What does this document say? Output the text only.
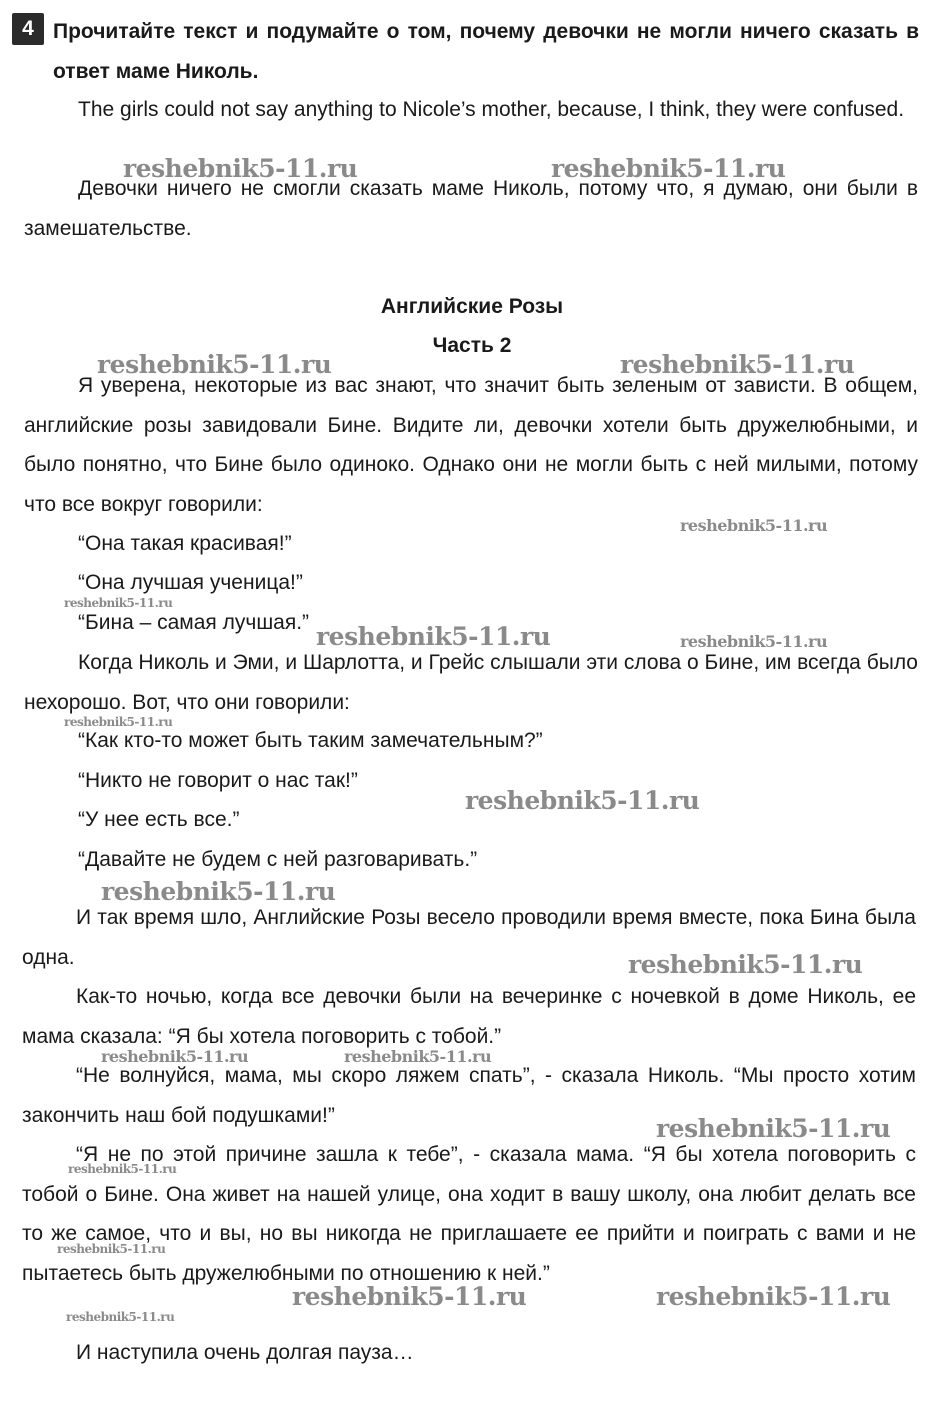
4 Прочитайте текст и подумайте о том, почему девочки не могли ничего сказать в ответ маме Николь.
The girls could not say anything to Nicole’s mother, because, I think, they were confused.
Девочки ничего не смогли сказать маме Николь, потому что, я думаю, они были в замешательстве.
Английские Розы
Часть 2
Я уверена, некоторые из вас знают, что значит быть зеленым от зависти. В общем, английские розы завидовали Бине. Видите ли, девочки хотели быть дружелюбными, и было понятно, что Бине было одиноко. Однако они не могли быть с ней милыми, потому что все вокруг говорили:
“Она такая красивая!”
“Она лучшая ученица!”
“Бина – самая лучшая.”
Когда Николь и Эми, и Шарлотта, и Грейс слышали эти слова о Бине, им всегда было нехорошо. Вот, что они говорили:
“Как кто-то может быть таким замечательным?”
“Никто не говорит о нас так!”
“У нее есть все.”
“Давайте не будем с ней разговаривать.”
И так время шло, Английские Розы весело проводили время вместе, пока Бина была одна.
Как-то ночью, когда все девочки были на вечеринке с ночевкой в доме Николь, ее мама сказала: “Я бы хотела поговорить с тобой.”
“Не волнуйся, мама, мы скоро ляжем спать”, - сказала Николь. “Мы просто хотим закончить наш бой подушками!”
“Я не по этой причине зашла к тебе”, - сказала мама. “Я бы хотела поговорить с тобой о Бине. Она живет на нашей улице, она ходит в вашу школу, она любит делать все то же самое, что и вы, но вы никогда не приглашаете ее прийти и поиграть с вами и не пытаетесь быть дружелюбными по отношению к ней.”
И наступила очень долгая пауза…
reshebnik5-11.ru	reshebnik5-11.ru
reshebnik5-11.ru	reshebnik5-11.ru
reshebnik5-11.ru
reshebnik5-11.ru
reshebnik5-11.ru	reshebnik5-11.ru
reshebnik5-11.ru
reshebnik5-11.ru
reshebnik5-11.ru
reshebnik5-11.ru
reshebnik5-11.ru	reshebnik5-11.ru
reshebnik5-11.ru
reshebnik5-11.ru
reshebnik5-11.ru
reshebnik5-11.ru	reshebnik5-11.ru
reshebnik5-11.ru
